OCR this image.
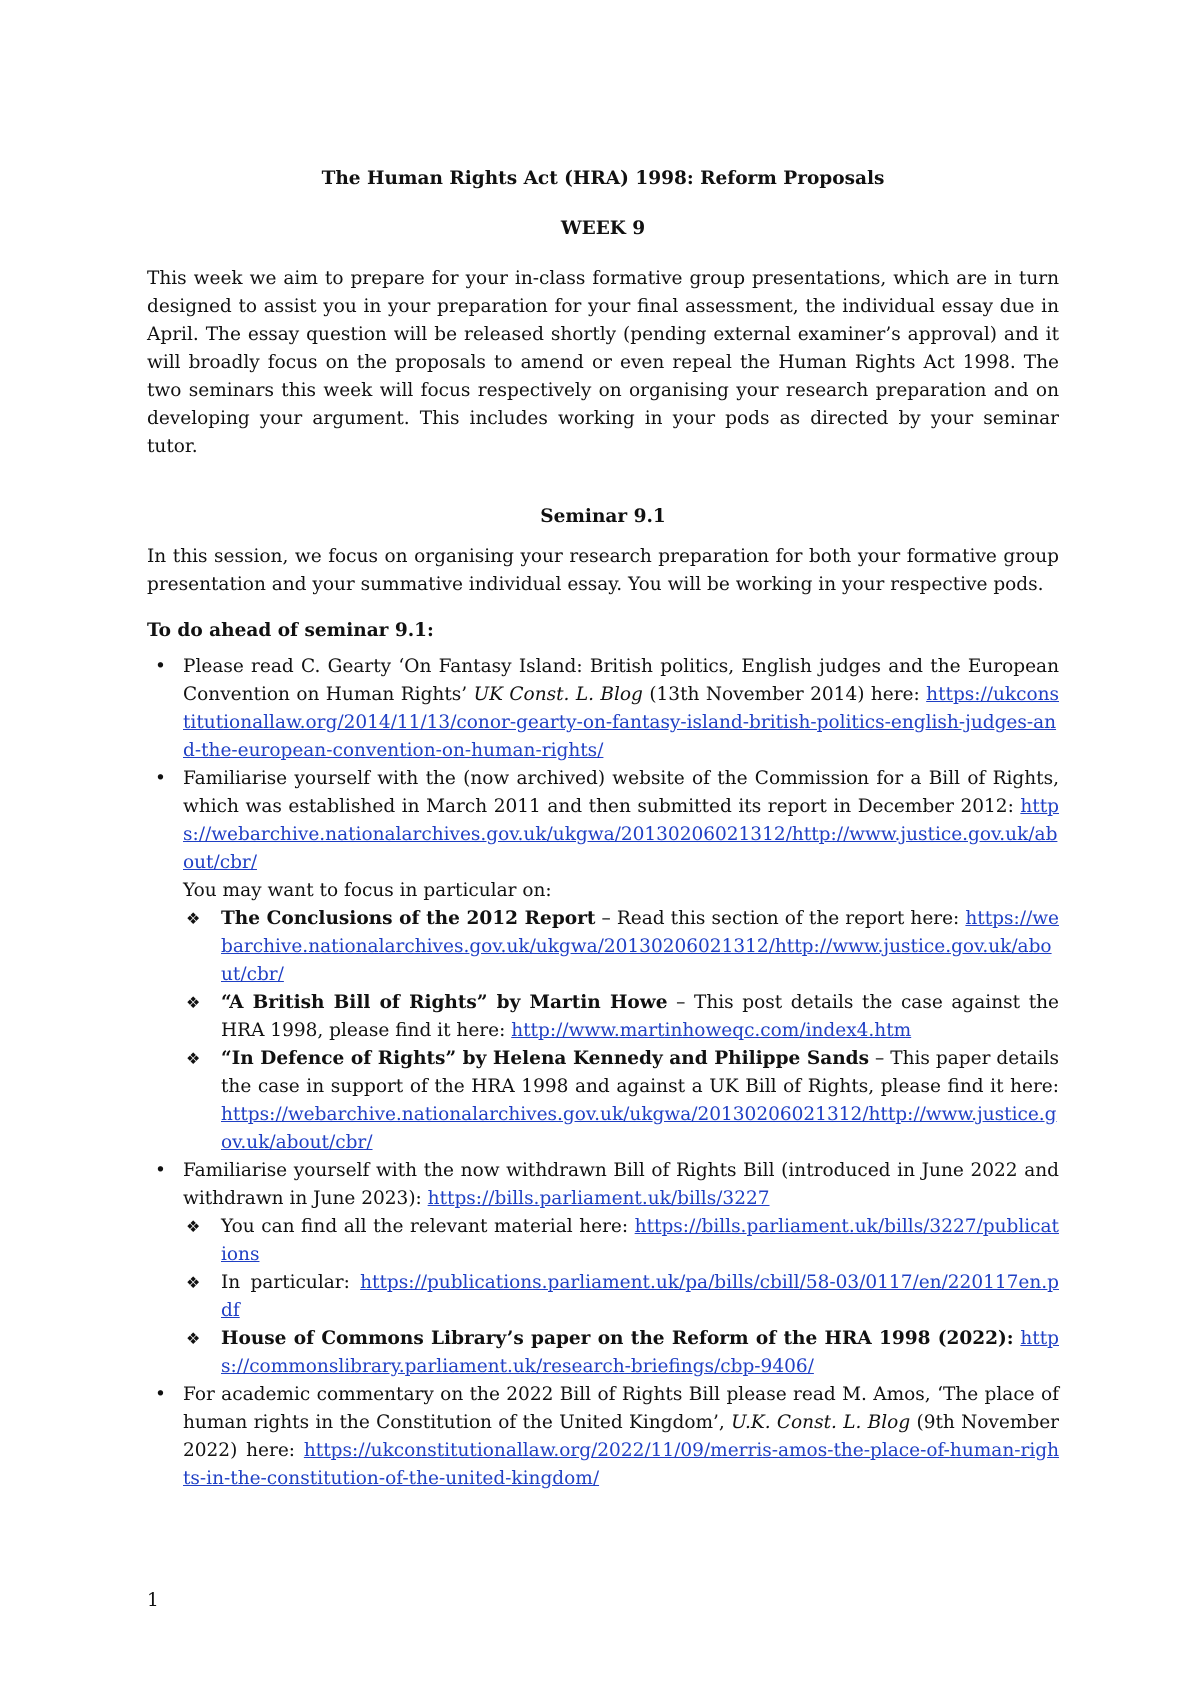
The Human Rights Act (HRA) 1998: Reform Proposals

WEEK 9

This week we aim to prepare for your in-class formative group presentations, which are in turn designed to assist you in your preparation for your final assessment, the individual essay due in April. The essay question will be released shortly (pending external examiner’s approval) and it will broadly focus on the proposals to amend or even repeal the Human Rights Act 1998. The two seminars this week will focus respectively on organising your research preparation and on developing your argument. This includes working in your pods as directed by your seminar tutor.

Seminar 9.1

In this session, we focus on organising your research preparation for both your formative group presentation and your summative individual essay. You will be working in your respective pods.

To do ahead of seminar 9.1:

• Please read C. Gearty ‘On Fantasy Island: British politics, English judges and the European Convention on Human Rights’ UK Const. L. Blog (13th November 2014) here: https://ukconstitutionallaw.org/2014/11/13/conor-gearty-on-fantasy-island-british-politics-english-judges-and-the-european-convention-on-human-rights/
• Familiarise yourself with the (now archived) website of the Commission for a Bill of Rights, which was established in March 2011 and then submitted its report in December 2012: https://webarchive.nationalarchives.gov.uk/ukgwa/20130206021312/http://www.justice.gov.uk/about/cbr/
You may want to focus in particular on:
❖ The Conclusions of the 2012 Report – Read this section of the report here: https://webarchive.nationalarchives.gov.uk/ukgwa/20130206021312/http://www.justice.gov.uk/about/cbr/
❖ “A British Bill of Rights” by Martin Howe – This post details the case against the HRA 1998, please find it here: http://www.martinhoweqc.com/index4.htm
❖ “In Defence of Rights” by Helena Kennedy and Philippe Sands – This paper details the case in support of the HRA 1998 and against a UK Bill of Rights, please find it here: https://webarchive.nationalarchives.gov.uk/ukgwa/20130206021312/http://www.justice.gov.uk/about/cbr/
• Familiarise yourself with the now withdrawn Bill of Rights Bill (introduced in June 2022 and withdrawn in June 2023): https://bills.parliament.uk/bills/3227
❖ You can find all the relevant material here: https://bills.parliament.uk/bills/3227/publications
❖ In particular: https://publications.parliament.uk/pa/bills/cbill/58-03/0117/en/220117en.pdf
❖ House of Commons Library’s paper on the Reform of the HRA 1998 (2022): https://commonslibrary.parliament.uk/research-briefings/cbp-9406/
• For academic commentary on the 2022 Bill of Rights Bill please read M. Amos, ‘The place of human rights in the Constitution of the United Kingdom’, U.K. Const. L. Blog (9th November 2022) here: https://ukconstitutionallaw.org/2022/11/09/merris-amos-the-place-of-human-rights-in-the-constitution-of-the-united-kingdom/
1
